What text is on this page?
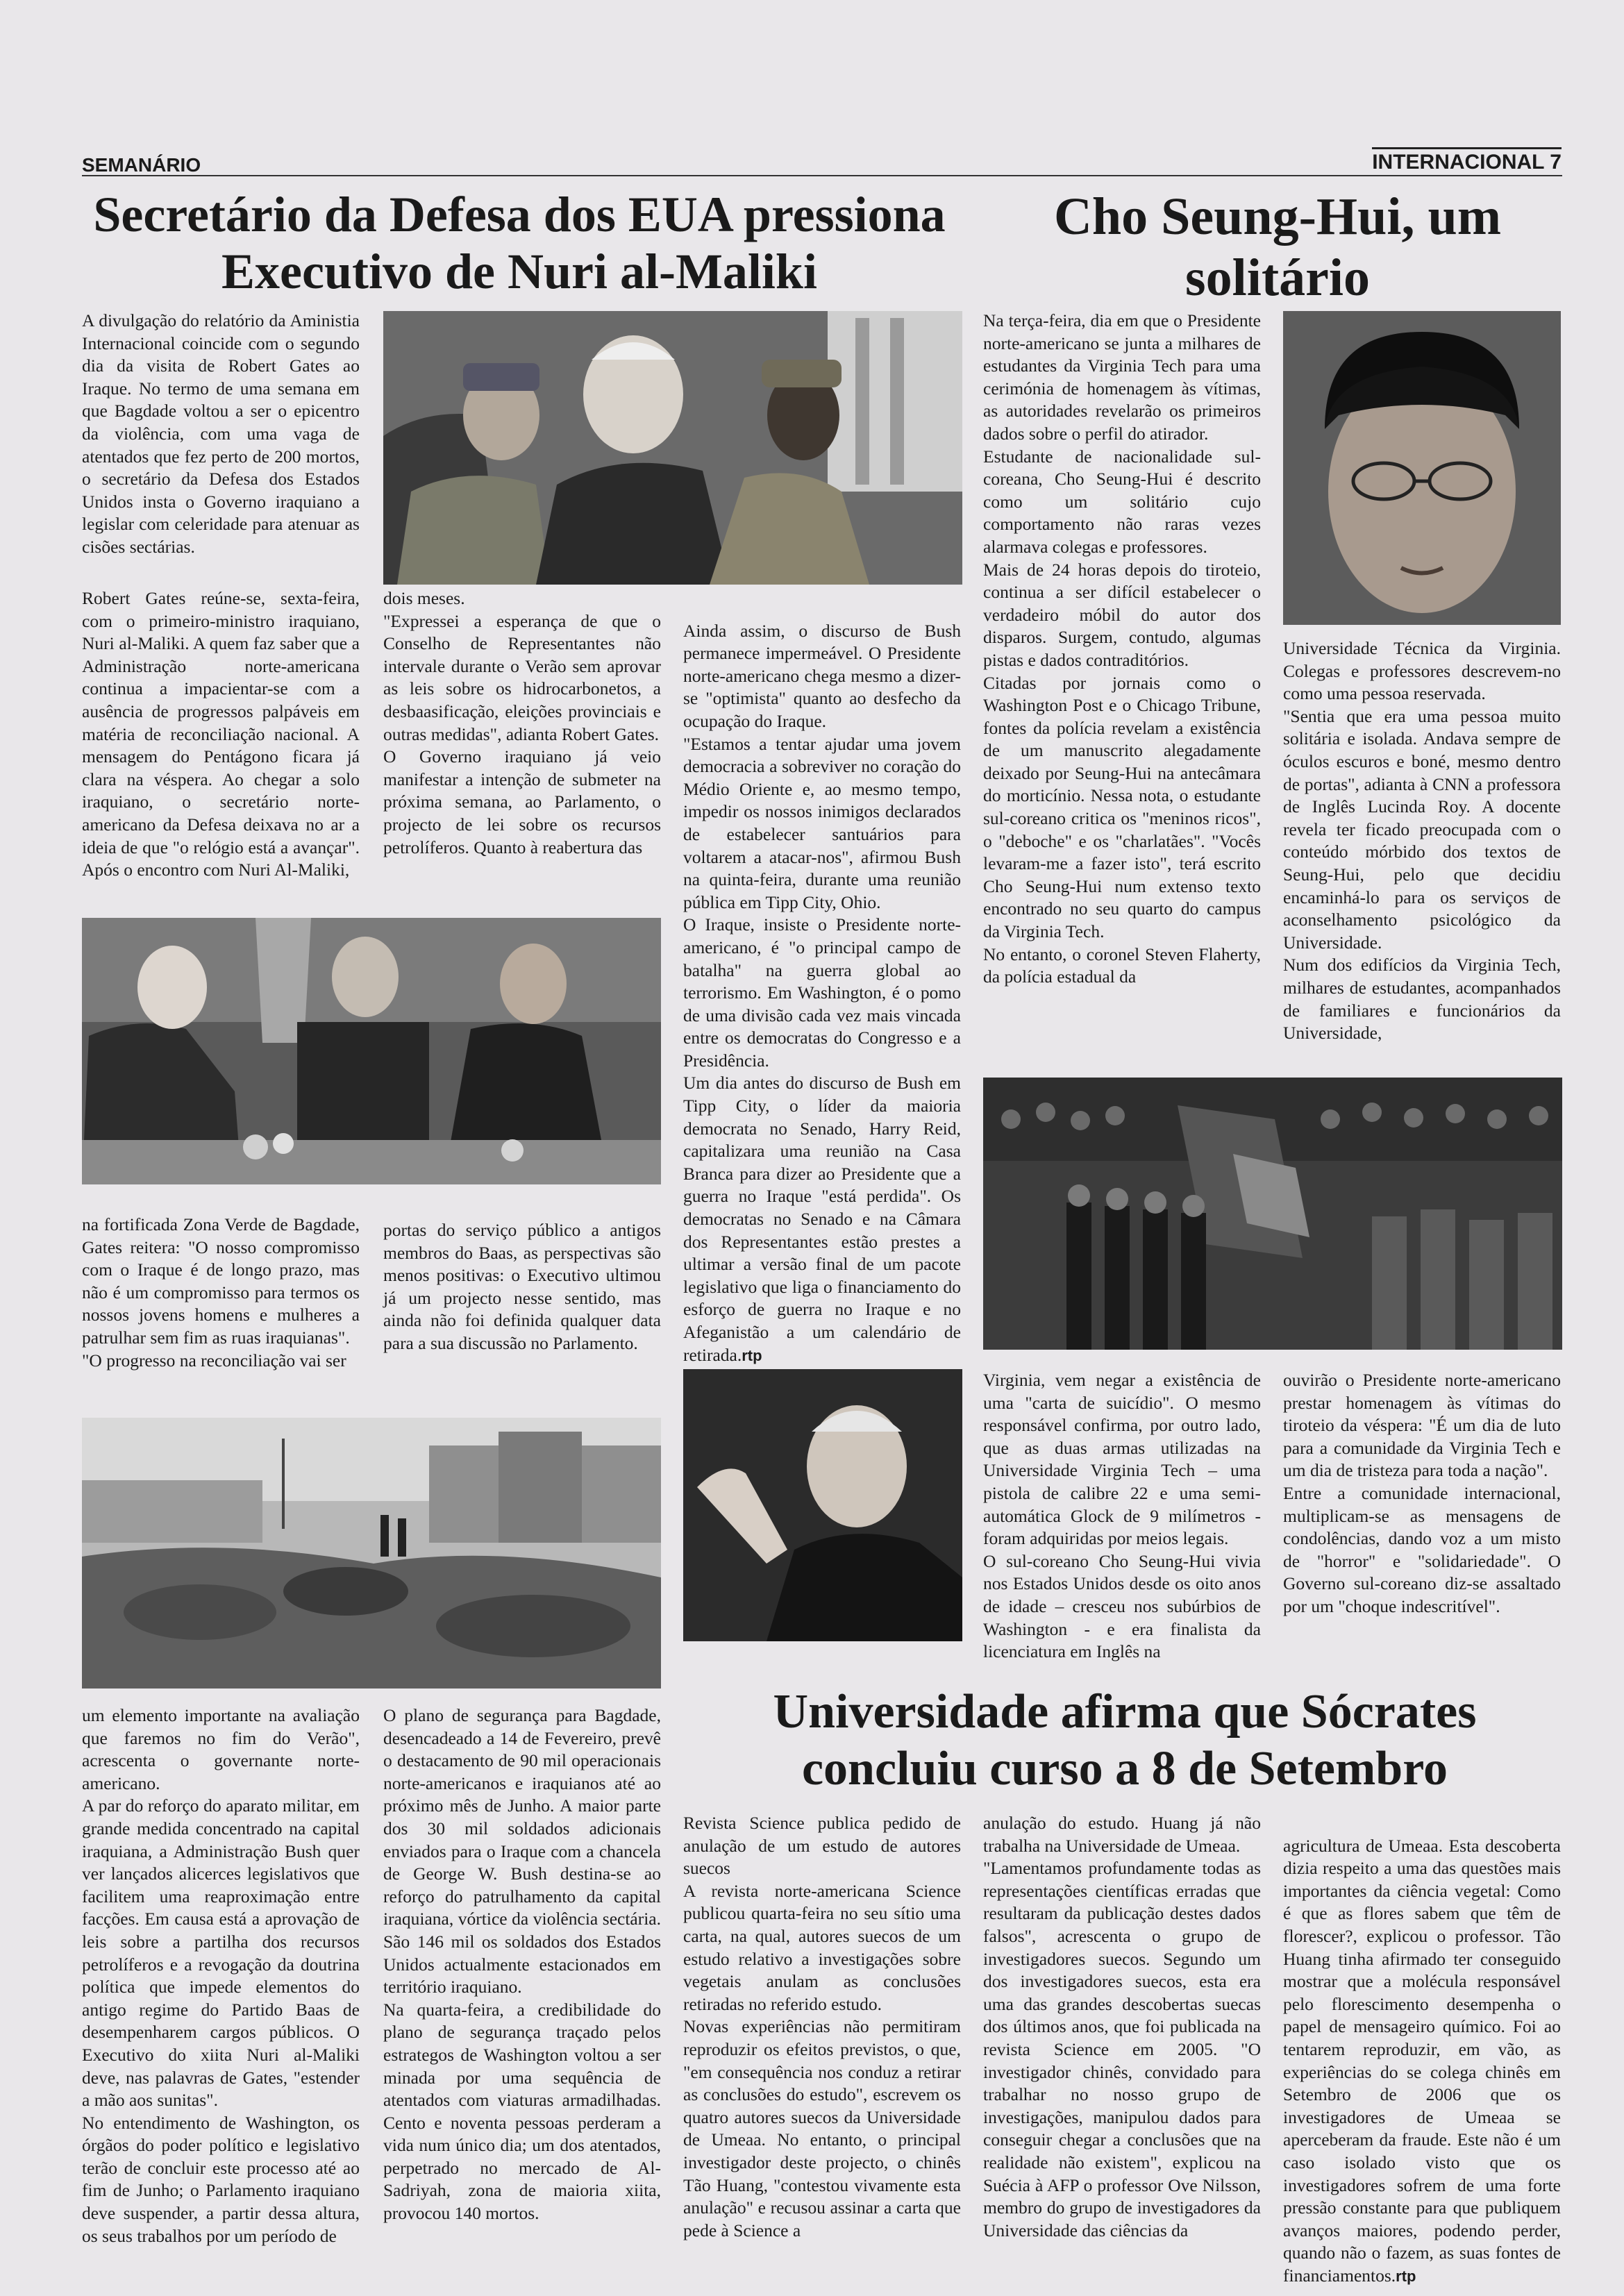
SEMANÁRIO	INTERNACIONAL 7
Secretário da Defesa dos EUA pressiona Executivo de Nuri al-Maliki
Cho Seung-Hui, um solitário
A divulgação do relatório da Aministia Internacional coincide com o segundo dia da visita de Robert Gates ao Iraque. No termo de uma semana em que Bagdade voltou a ser o epicentro da violência, com uma vaga de atentados que fez perto de 200 mortos, o secretário da Defesa dos Estados Unidos insta o Governo iraquiano a legislar com celeridade para atenuar as cisões sectárias.
Robert Gates reúne-se, sexta-feira, com o primeiro-ministro iraquiano, Nuri al-Maliki. A quem faz saber que a Administração norte-americana continua a impacientar-se com a ausência de progressos palpáveis em matéria de reconciliação nacional. A mensagem do Pentágono ficara já clara na véspera. Ao chegar a solo iraquiano, o secretário norte-americano da Defesa deixava no ar a ideia de que "o relógio está a avançar". Após o encontro com Nuri Al-Maliki,
dois meses.
"Expressei a esperança de que o Conselho de Representantes não intervale durante o Verão sem aprovar as leis sobre os hidrocarbonetos, a desbaasificação, eleições provinciais e outras medidas", adianta Robert Gates.
O Governo iraquiano já veio manifestar a intenção de submeter na próxima semana, ao Parlamento, o projecto de lei sobre os recursos petrolíferos. Quanto à reabertura das

Ainda assim, o discurso de Bush permanece impermeável. O Presidente norte-americano chega mesmo a dizer-se "optimista" quanto ao desfecho da ocupação do Iraque.
"Estamos a tentar ajudar uma jovem democracia a sobreviver no coração do Médio Oriente e, ao mesmo tempo, impedir os nossos inimigos declarados de estabelecer santuários para voltarem a atacar-nos", afirmou Bush na quinta-feira, durante uma reunião pública em Tipp City, Ohio.
O Iraque, insiste o Presidente norte-americano, é "o principal campo de batalha" na guerra global ao terrorismo. Em Washington, é o pomo de uma divisão cada vez mais vincada entre os democratas do Congresso e a Presidência.
Um dia antes do discurso de Bush em Tipp City, o líder da maioria democrata no Senado, Harry Reid, capitalizara uma reunião na Casa Branca para dizer ao Presidente que a guerra no Iraque "está perdida". Os democratas no Senado e na Câmara dos Representantes estão prestes a ultimar a versão final de um pacote legislativo que liga o financiamento do esforço de guerra no Iraque e no Afeganistão a um calendário de retirada.rtp

na fortificada Zona Verde de Bagdade, Gates reitera: "O nosso compromisso com o Iraque é de longo prazo, mas não é um compromisso para termos os nossos jovens homens e mulheres a patrulhar sem fim as ruas iraquianas".
"O progresso na reconciliação vai ser
portas do serviço público a antigos membros do Baas, as perspectivas são menos positivas: o Executivo ultimou já um projecto nesse sentido, mas ainda não foi definida qualquer data para a sua discussão no Parlamento.
um elemento importante na avaliação que faremos no fim do Verão", acrescenta o governante norte-americano.
A par do reforço do aparato militar, em grande medida concentrado na capital iraquiana, a Administração Bush quer ver lançados alicerces legislativos que facilitem uma reaproximação entre facções. Em causa está a aprovação de leis sobre a partilha dos recursos petrolíferos e a revogação da doutrina política que impede elementos do antigo regime do Partido Baas de desempenharem cargos públicos. O Executivo do xiita Nuri al-Maliki deve, nas palavras de Gates, "estender a mão aos sunitas".
No entendimento de Washington, os órgãos do poder político e legislativo terão de concluir este processo até ao fim de Junho; o Parlamento iraquiano deve suspender, a partir dessa altura, os seus trabalhos por um período de
O plano de segurança para Bagdade, desencadeado a 14 de Fevereiro, prevê o destacamento de 90 mil operacionais norte-americanos e iraquianos até ao próximo mês de Junho. A maior parte dos 30 mil soldados adicionais enviados para o Iraque com a chancela de George W. Bush destina-se ao reforço do patrulhamento da capital iraquiana, vórtice da violência sectária. São 146 mil os soldados dos Estados Unidos actualmente estacionados em território iraquiano.
Na quarta-feira, a credibilidade do plano de segurança traçado pelos estrategos de Washington voltou a ser minada por uma sequência de atentados com viaturas armadilhadas. Cento e noventa pessoas perderam a vida num único dia; um dos atentados, perpetrado no mercado de Al-Sadriyah, zona de maioria xiita, provocou 140 mortos.
Na terça-feira, dia em que o Presidente norte-americano se junta a milhares de estudantes da Virginia Tech para uma cerimónia de homenagem às vítimas, as autoridades revelarão os primeiros dados sobre o perfil do atirador.
Estudante de nacionalidade sul-coreana, Cho Seung-Hui é descrito como um solitário cujo comportamento não raras vezes alarmava colegas e professores.
Mais de 24 horas depois do tiroteio, continua a ser difícil estabelecer o verdadeiro móbil do autor dos disparos. Surgem, contudo, algumas pistas e dados contraditórios.
Citadas por jornais como o Washington Post e o Chicago Tribune, fontes da polícia revelam a existência de um manuscrito alegadamente deixado por Seung-Hui na antecâmara do morticínio. Nessa nota, o estudante sul-coreano critica os "meninos ricos", o "deboche" e os "charlatães". "Vocês levaram-me a fazer isto", terá escrito Cho Seung-Hui num extenso texto encontrado no seu quarto do campus da Virginia Tech.
No entanto, o coronel Steven Flaherty, da polícia estadual da
Universidade Técnica da Virginia. Colegas e professores descrevem-no como uma pessoa reservada.
"Sentia que era uma pessoa muito solitária e isolada. Andava sempre de óculos escuros e boné, mesmo dentro de portas", adianta à CNN a professora de Inglês Lucinda Roy. A docente revela ter ficado preocupada com o conteúdo mórbido dos textos de Seung-Hui, pelo que decidiu encaminhá-lo para os serviços de aconselhamento psicológico da Universidade.
Num dos edifícios da Virginia Tech, milhares de estudantes, acompanhados de familiares e funcionários da Universidade,
Virginia, vem negar a existência de uma "carta de suicídio". O mesmo responsável confirma, por outro lado, que as duas armas utilizadas na Universidade Virginia Tech – uma pistola de calibre 22 e uma semi-automática Glock de 9 milímetros - foram adquiridas por meios legais.
O sul-coreano Cho Seung-Hui vivia nos Estados Unidos desde os oito anos de idade – cresceu nos subúrbios de Washington - e era finalista da licenciatura em Inglês na
ouvirão o Presidente norte-americano prestar homenagem às vítimas do tiroteio da véspera: "É um dia de luto para a comunidade da Virginia Tech e um dia de tristeza para toda a nação".
Entre a comunidade internacional, multiplicam-se as mensagens de condolências, dando voz a um misto de "horror" e "solidariedade". O Governo sul-coreano diz-se assaltado por um "choque indescritível".
Universidade afirma que Sócrates concluiu curso a 8 de Setembro
Revista Science publica pedido de anulação de um estudo de autores suecos
A revista norte-americana Science publicou quarta-feira no seu sítio uma carta, na qual, autores suecos de um estudo relativo a investigações sobre vegetais anulam as conclusões retiradas no referido estudo.
Novas experiências não permitiram reproduzir os efeitos previstos, o que, "em consequência nos conduz a retirar as conclusões do estudo", escrevem os quatro autores suecos da Universidade de Umeaa. No entanto, o principal investigador deste projecto, o chinês Tão Huang, "contestou vivamente esta anulação" e recusou assinar a carta que pede à Science a
anulação do estudo. Huang já não trabalha na Universidade de Umeaa.
"Lamentamos profundamente todas as representações científicas erradas que resultaram da publicação destes dados falsos", acrescenta o grupo de investigadores suecos. Segundo um dos investigadores suecos, esta era uma das grandes descobertas suecas dos últimos anos, que foi publicada na revista Science em 2005. "O investigador chinês, convidado para trabalhar no nosso grupo de investigações, manipulou dados para conseguir chegar a conclusões que na realidade não existem", explicou na Suécia à AFP o professor Ove Nilsson, membro do grupo de investigadores da Universidade das ciências da

agricultura de Umeaa. Esta descoberta dizia respeito a uma das questões mais importantes da ciência vegetal: Como é que as flores sabem que têm de florescer?, explicou o professor. Tão Huang tinha afirmado ter conseguido mostrar que a molécula responsável pelo florescimento desempenha o papel de mensageiro químico. Foi ao tentarem reproduzir, em vão, as experiências do se colega chinês em Setembro de 2006 que os investigadores de Umeaa se aperceberam da fraude. Este não é um caso isolado visto que os investigadores sofrem de uma forte pressão constante para que publiquem avanços maiores, podendo perder, quando não o fazem, as suas fontes de financiamentos.rtp
